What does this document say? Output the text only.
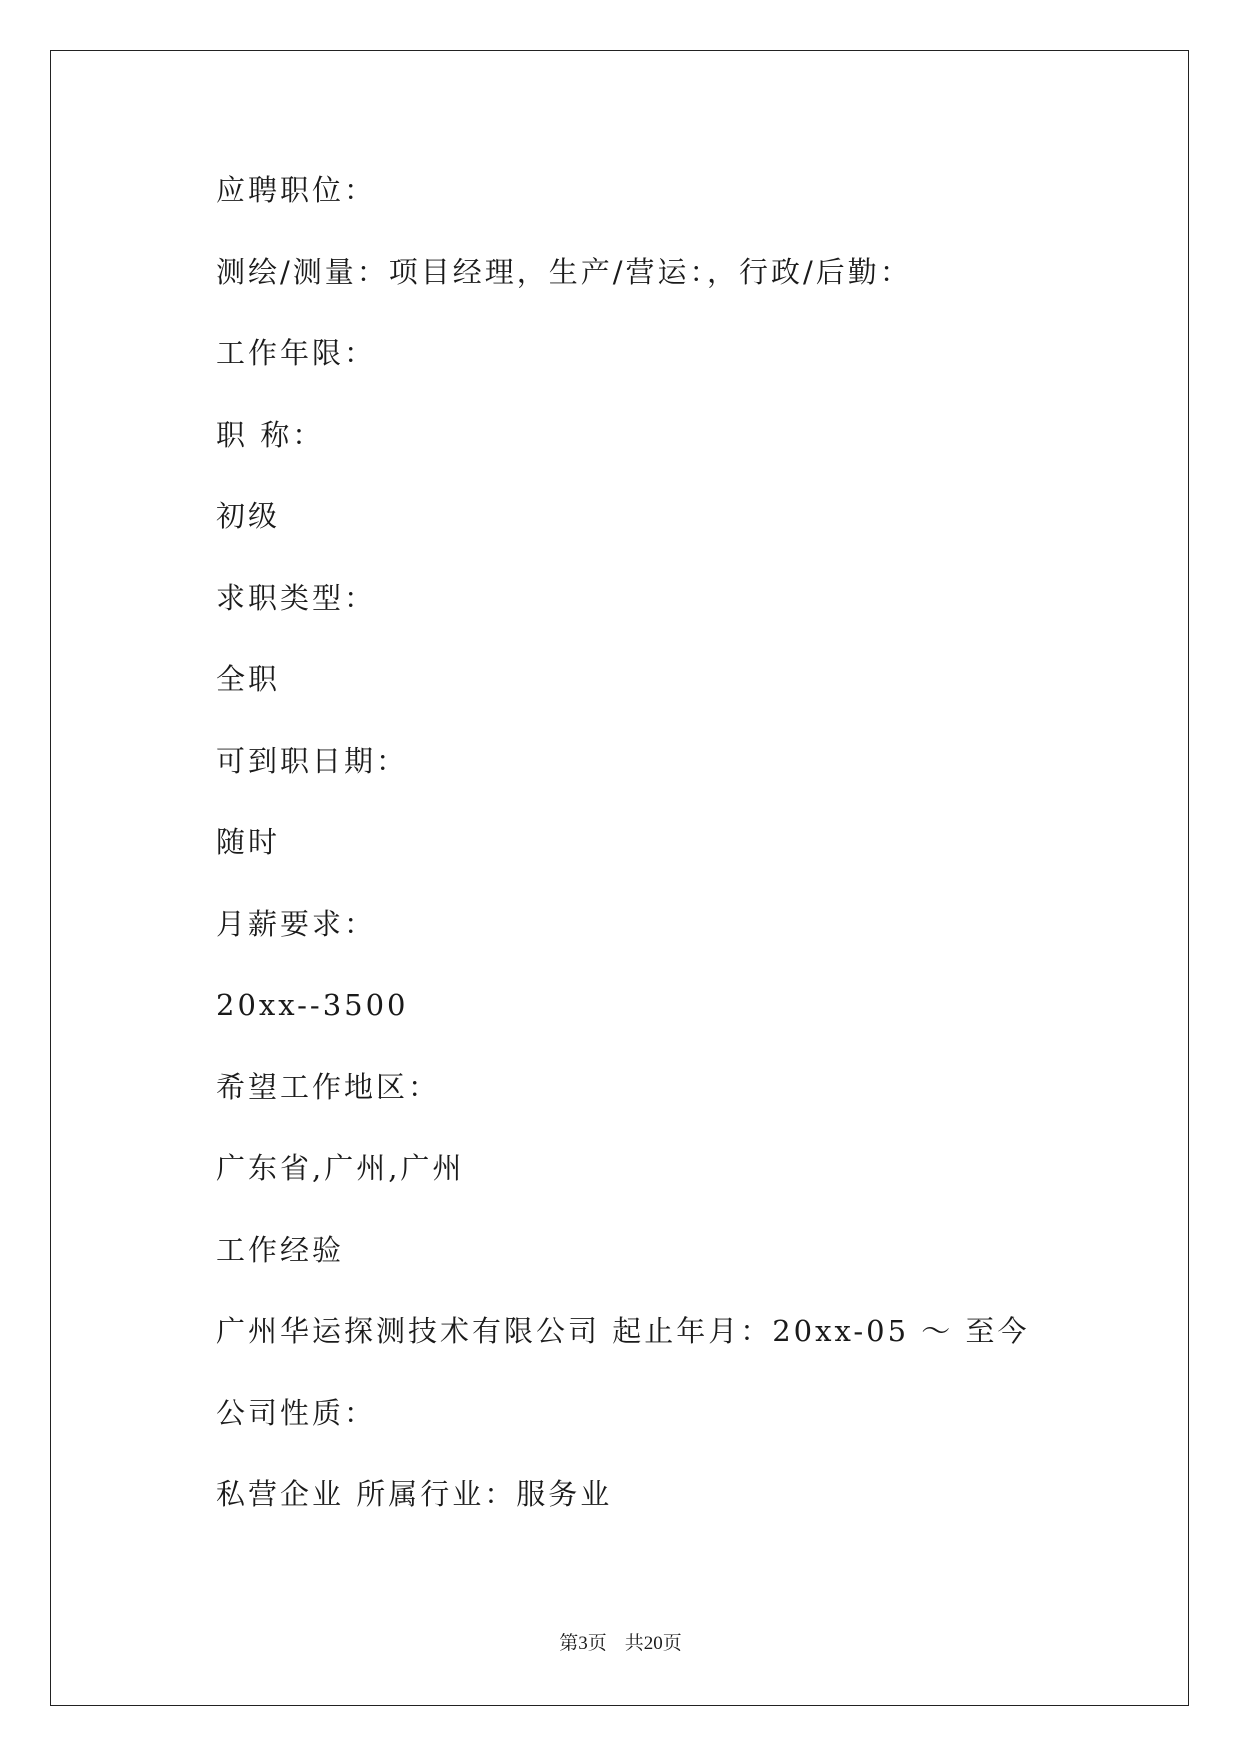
应聘职位：
测绘/测量：项目经理，生产/营运：，行政/后勤：
工作年限：
职 称：
初级
求职类型：
全职
可到职日期：
随时
月薪要求：
20xx--3500
希望工作地区：
广东省,广州,广州
工作经验
广州华运探测技术有限公司 起止年月：20xx-05 ～ 至今
公司性质：
私营企业 所属行业：服务业
第3页 共20页
